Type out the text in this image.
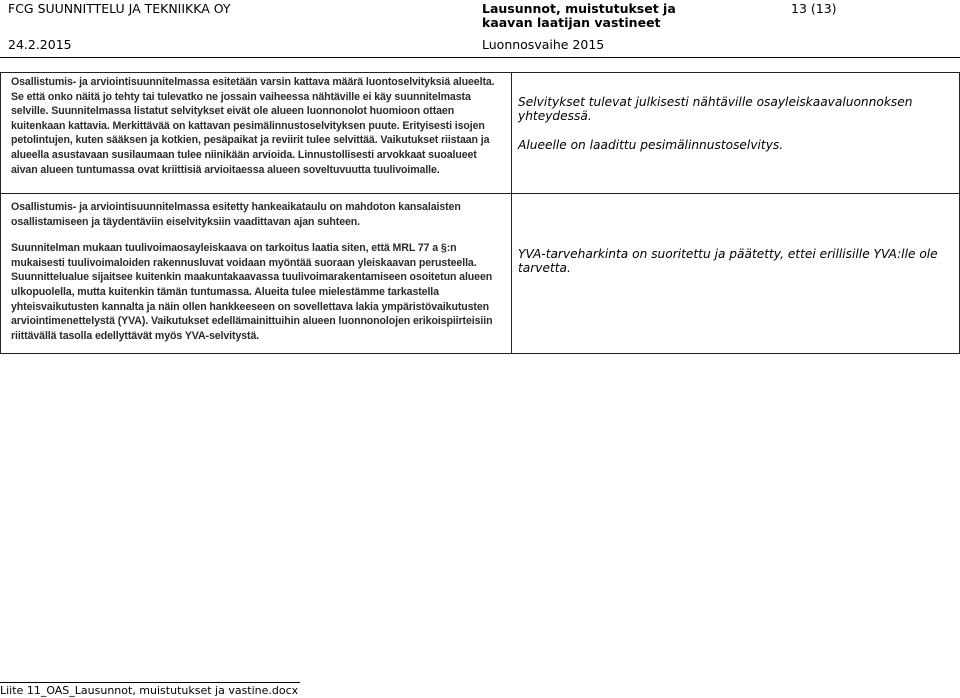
FCG SUUNNITTELU JA TEKNIIKKA OY	Lausunnot, muistutukset ja
kaavan laatijan vastineet
13 (13)
24.2.2015	Luonnosvaihe 2015

Osallistumis- ja arviointisuunnitelmassa esitetään varsin kattava määrä luontoselvityksiä alueelta. Se että onko näitä jo tehty tai tulevatko ne jossain vaiheessa nähtäville ei käy suunnitelmasta selville. Suunnitelmassa listatut selvitykset eivät ole alueen luonnonolot huomioon ottaen kuitenkaan kattavia. Merkittävää on kattavan pesimälinnustoselvityksen puute. Erityisesti isojen petolintujen, kuten sääksen ja kotkien, pesäpaikat ja reviirit tulee selvittää. Vaikutukset riistaan ja alueella asustavaan susilaumaan tulee niinikään arvioida. Linnustollisesti arvokkaat suoalueet aivan alueen tuntumassa ovat kriittisiä arvioitaessa alueen soveltuvuutta tuulivoimalle.	Selvitykset tulevat julkisesti nähtäville osayleiskaavaluonnoksen yhteydessä.

Alueelle on laadittu pesimälinnustoselvitys.

Osallistumis- ja arviointisuunnitelmassa esitetty hankeaikataulu on mahdoton kansalaisten osallistamiseen ja täydentäviin eiselvityksiin vaadittavan ajan suhteen.

Suunnitelman mukaan tuulivoimaosayleiskaava on tarkoitus laatia siten, että MRL 77 a §:n mukaisesti tuulivoimaloiden rakennusluvat voidaan myöntää suoraan yleiskaavan perusteella. Suunnittelualue sijaitsee kuitenkin maakuntakaavassa tuulivoimarakentamiseen osoitetun alueen ulkopuolella, mutta kuitenkin tämän tuntumassa. Alueita tulee mielestämme tarkastella yhteisvaikutusten kannalta ja näin ollen hankkeeseen on sovellettava lakia ympäristövaikutusten arviointimenettelystä (YVA). Vaikutukset edellämainittuihin alueen luonnonolojen erikoispiirteisiin riittävällä tasolla edellyttävät myös YVA-selvitystä.	YVA-tarveharkinta on suoritettu ja päätetty, ettei erillisille YVA:lle ole tarvetta.

Liite 11_OAS_Lausunnot, muistutukset ja vastine.docx
